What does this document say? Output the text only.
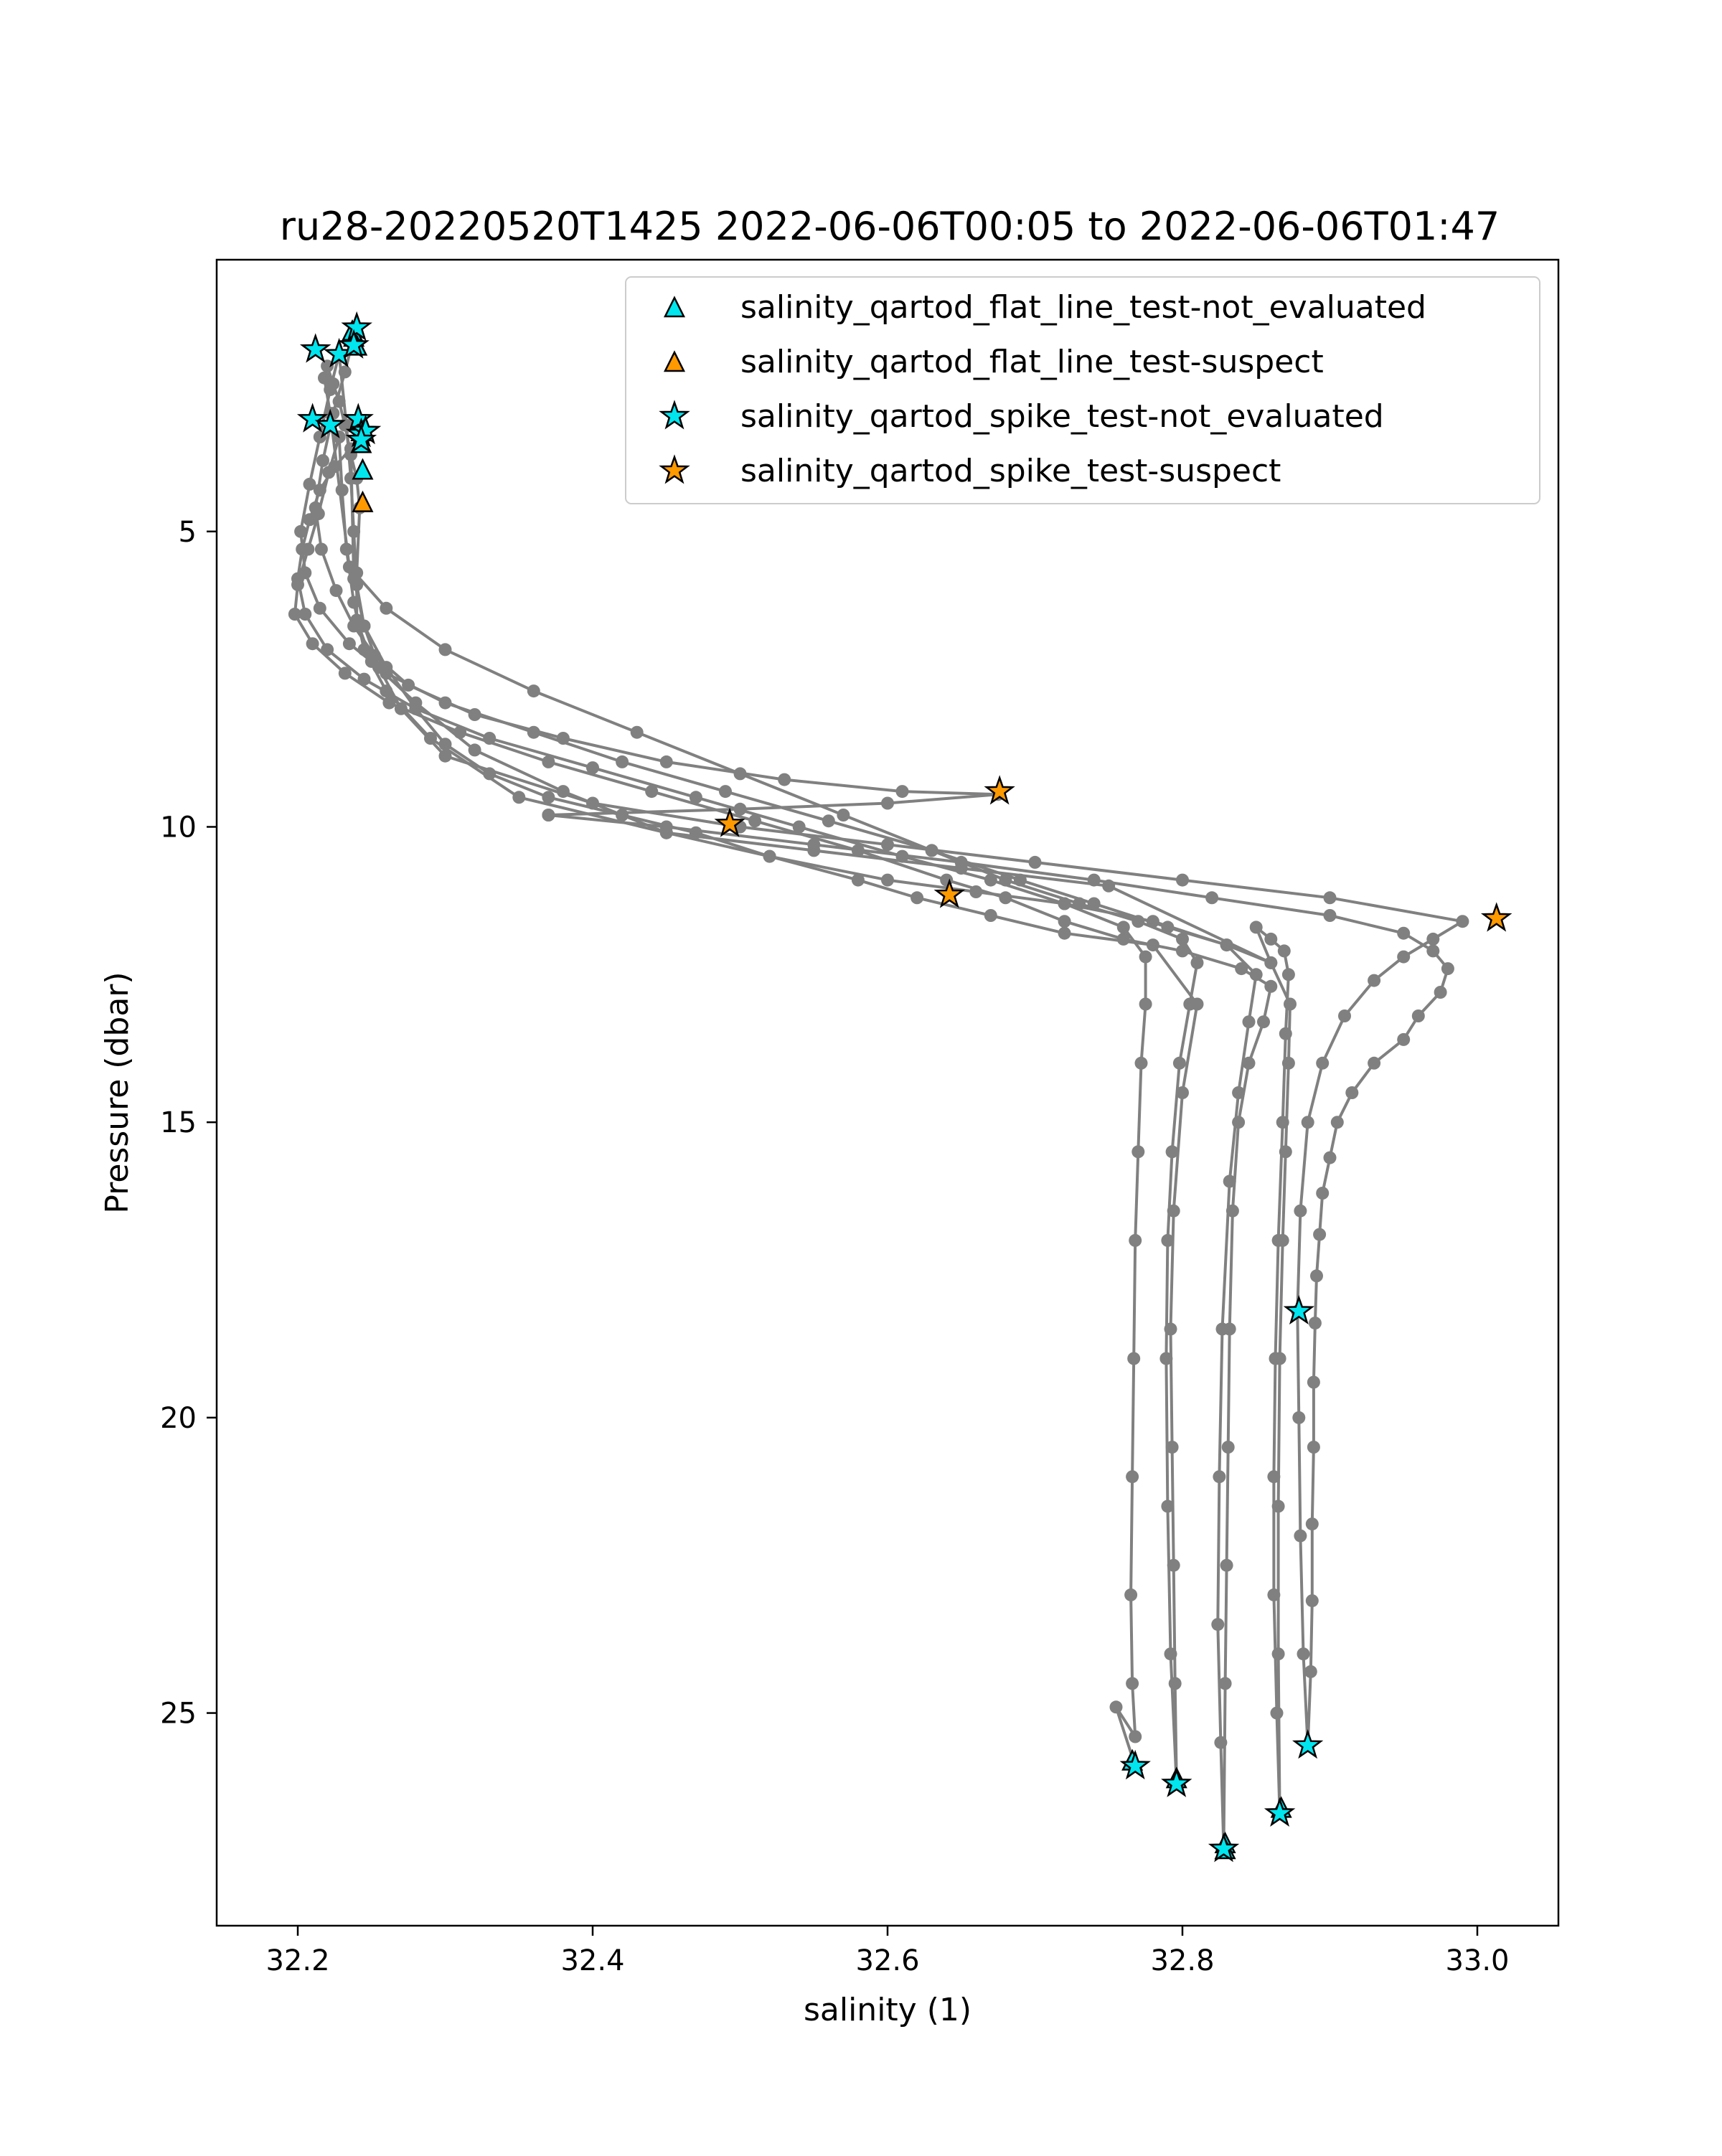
ru28-20220520T1425 2022-06-06T00:05 to 2022-06-06T01:47
32.2	32.4	32.6	32.8	33.0
5
10
15
20
25
salinity (1)
Pressure (dbar)
salinity_qartod_flat_line_test-not_evaluated
salinity_qartod_flat_line_test-suspect
salinity_qartod_spike_test-not_evaluated
salinity_qartod_spike_test-suspect
